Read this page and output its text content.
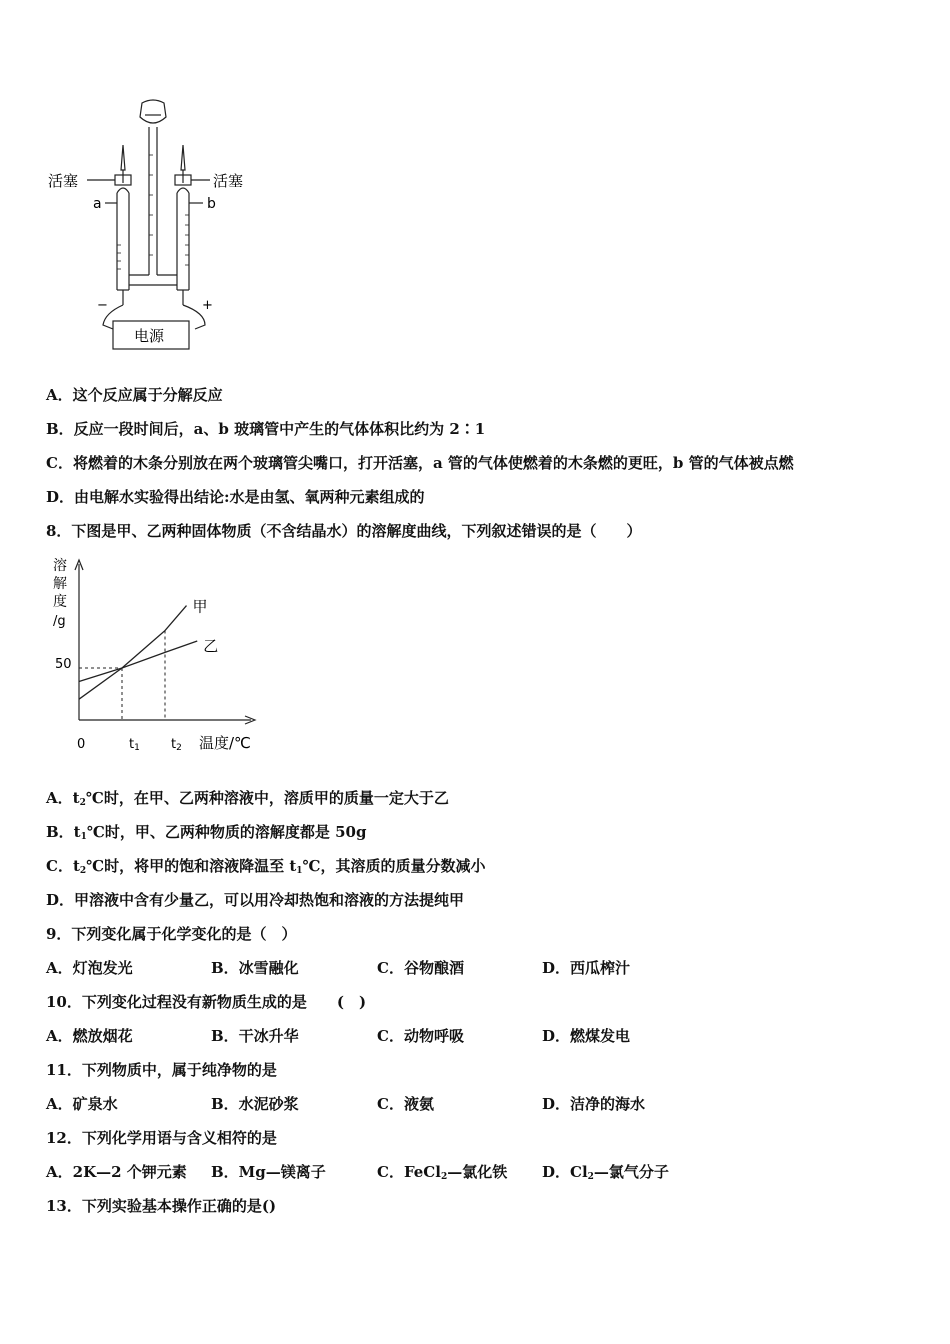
活塞	活塞
a	b
−	+
电源
A．这个反应属于分解反应
B．反应一段时间后，a、b 玻璃管中产生的气体体积比约为 2∶1
C．将燃着的木条分别放在两个玻璃管尖嘴口，打开活塞，a 管的气体使燃着的木条燃的更旺，b 管的气体被点燃
D．由电解水实验得出结论:水是由氢、氧两种元素组成的
8．下图是甲、乙两种固体物质（不含结晶水）的溶解度曲线，下列叙述错误的是（　　）
甲
乙
溶
解
度
/g
50
0	t1 t2 温度/℃
A．$t_2℃$时，在甲、乙两种溶液中，溶质甲的质量一定大于乙
B．$t_1℃$时，甲、乙两种物质的溶解度都是 50g
C．$t_2℃$时，将甲的饱和溶液降温至 $t_1℃$，其溶质的质量分数减小
D．甲溶液中含有少量乙，可以用冷却热饱和溶液的方法提纯甲
9．下列变化属于化学变化的是（　）
A．灯泡发光	B．冰雪融化	C．谷物酿酒	D．西瓜榨汁
10．下列变化过程没有新物质生成的是　　(　)
A．燃放烟花	B．干冰升华	C．动物呼吸	D．燃煤发电
11．下列物质中，属于纯净物的是
A．矿泉水	B．水泥砂浆	C．液氨	D．洁净的海水
12．下列化学用语与含义相符的是
A．2K—2 个钾元素 B．Mg—镁离子	C．FeCl$_2$—氯化铁 D．$Cl_2—$氯气分子
13．下列实验基本操作正确的是()
